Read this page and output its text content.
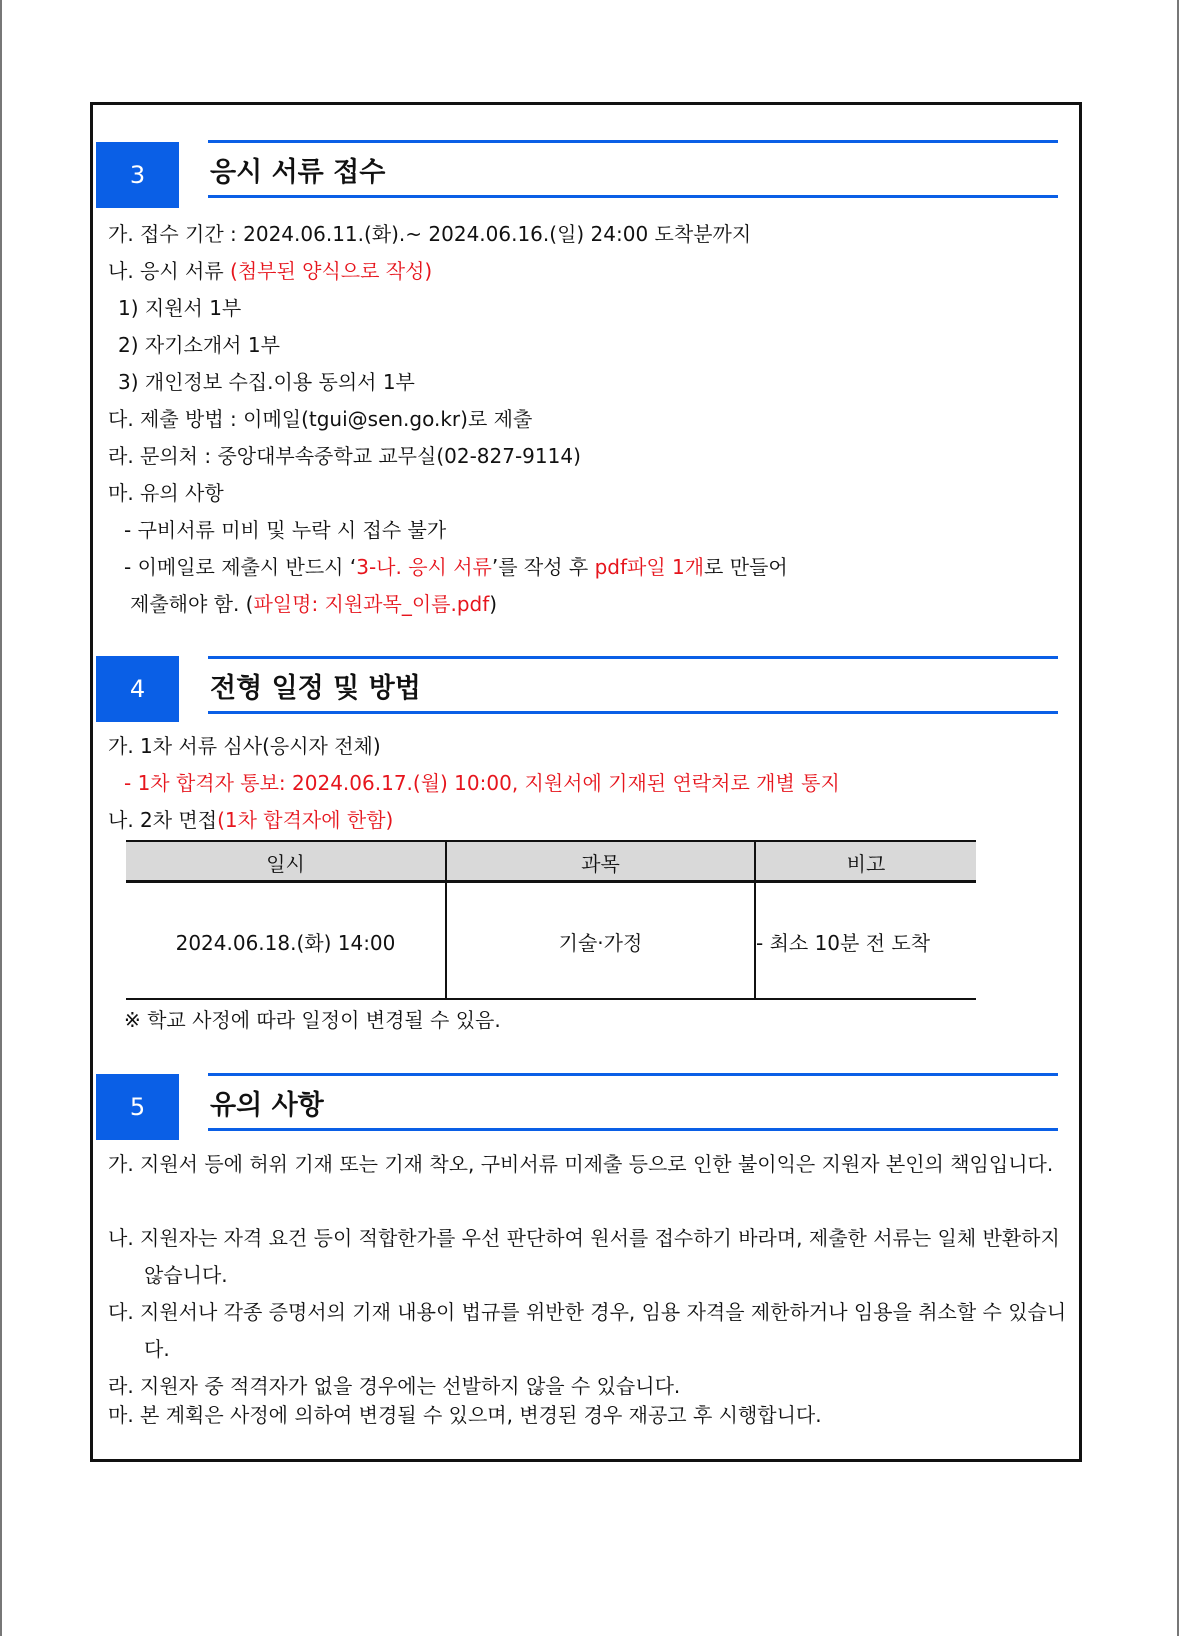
3	응시 서류 접수
가. 접수 기간 : 2024.06.11.(화).~ 2024.06.16.(일) 24:00 도착분까지
나. 응시 서류 (첨부된 양식으로 작성)
1) 지원서 1부
2) 자기소개서 1부
3) 개인정보 수집.이용 동의서 1부
다. 제출 방법 : 이메일(tgui@sen.go.kr)로 제출
라. 문의처 : 중앙대부속중학교 교무실(02-827-9114)
마. 유의 사항
- 구비서류 미비 및 누락 시 접수 불가
- 이메일로 제출시 반드시 ‘3-나. 응시 서류’를 작성 후 pdf파일 1개로 만들어
제출해야 함. (파일명: 지원과목_이름.pdf)
4	전형 일정 및 방법
가. 1차 서류 심사(응시자 전체)
- 1차 합격자 통보: 2024.06.17.(월) 10:00, 지원서에 기재된 연락처로 개별 통지
나. 2차 면접(1차 합격자에 한함)
일시	과목	비고
2024.06.18.(화) 14:00	기술·가정	- 최소 10분 전 도착
※ 학교 사정에 따라 일정이 변경될 수 있음.
5	유의 사항
가. 지원서 등에 허위 기재 또는 기재 착오, 구비서류 미제출 등으로 인한 불이익은 지원자 본인의 책임입니다.
나. 지원자는 자격 요건 등이 적합한가를 우선 판단하여 원서를 접수하기 바라며, 제출한 서류는 일체 반환하지 않습니다.
다. 지원서나 각종 증명서의 기재 내용이 법규를 위반한 경우, 임용 자격을 제한하거나 임용을 취소할 수 있습니다.
라. 지원자 중 적격자가 없을 경우에는 선발하지 않을 수 있습니다.
마. 본 계획은 사정에 의하여 변경될 수 있으며, 변경된 경우 재공고 후 시행합니다.
